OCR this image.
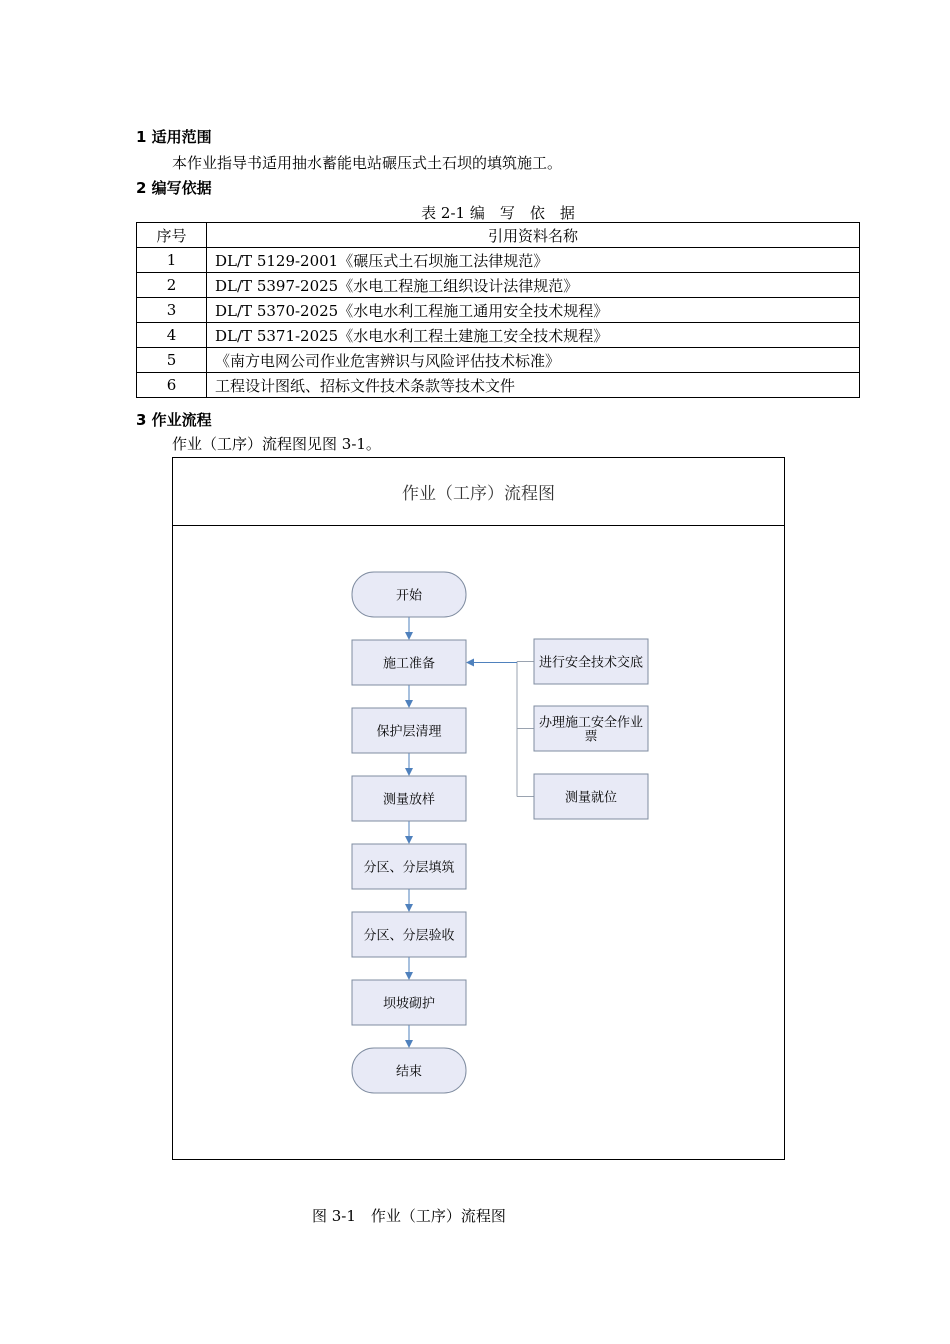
1 适用范围
本作业指导书适用抽水蓄能电站碾压式土石坝的填筑施工。
2 编写依据
表 2-1 编　写　依　据
序号	引用资料名称
1	DL/T 5129-2001《碾压式土石坝施工法律规范》
2	DL/T 5397-2025《水电工程施工组织设计法律规范》
3	DL/T 5370-2025《水电水利工程施工通用安全技术规程》
4	DL/T 5371-2025《水电水利工程土建施工安全技术规程》
5	《南方电网公司作业危害辨识与风险评估技术标准》
6	工程设计图纸、招标文件技术条款等技术文件
3 作业流程
作业（工序）流程图见图 3-1。
作业（工序）流程图
开始
施工准备
保护层清理
测量放样
分区、分层填筑
分区、分层验收
坝坡砌护
结束
进行安全技术交底
办理施工安全作业
票
测量就位
图 3-1　作业（工序）流程图
